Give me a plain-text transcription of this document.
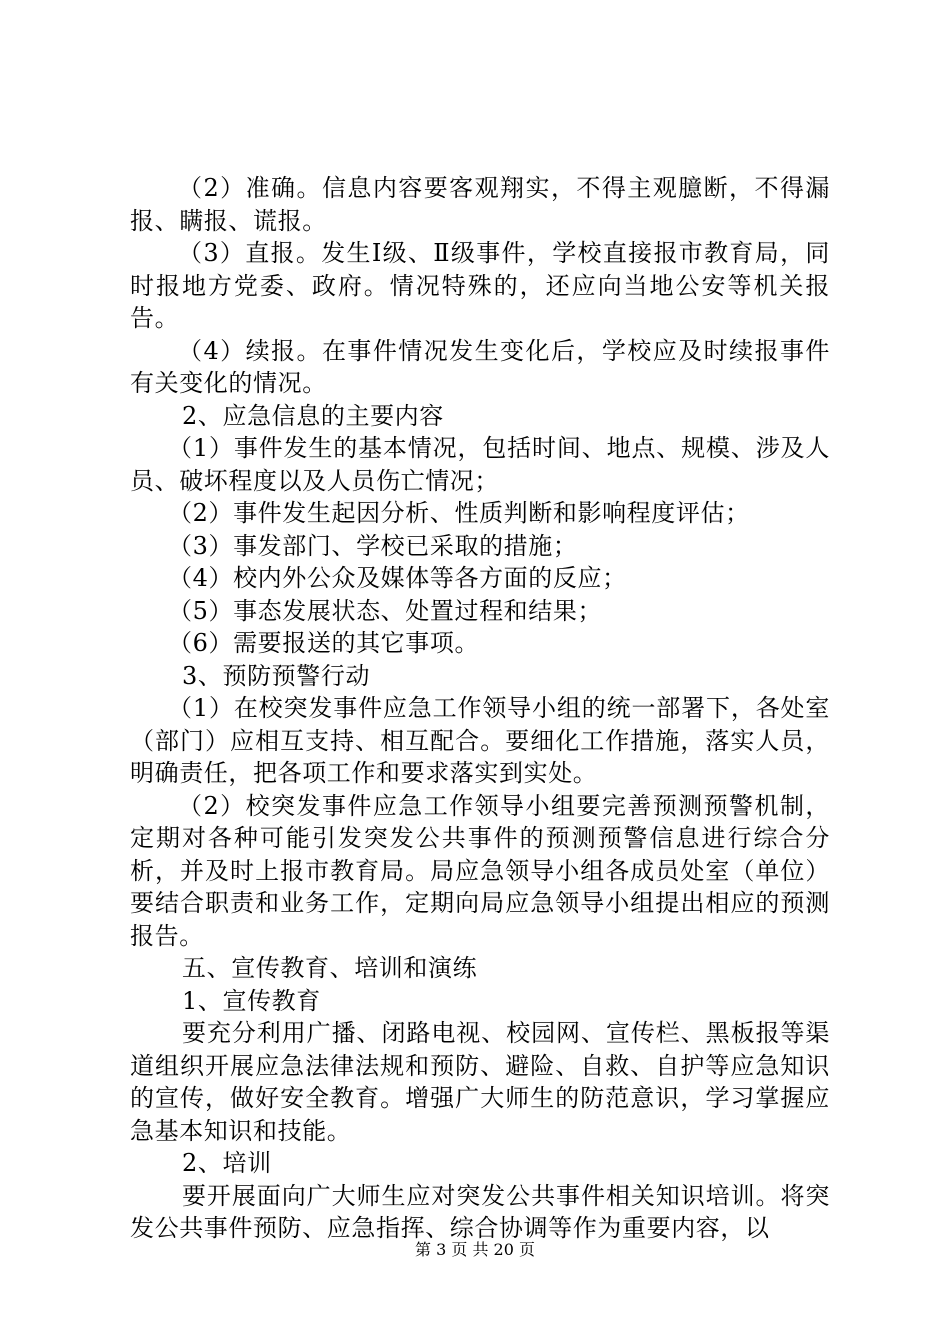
（2）准确。信息内容要客观翔实，不得主观臆断，不得漏报、瞒报、谎报。

（3）直报。发生Ⅰ级、Ⅱ级事件，学校直接报市教育局，同时报地方党委、政府。情况特殊的，还应向当地公安等机关报告。

（4）续报。在事件情况发生变化后，学校应及时续报事件有关变化的情况。

2、应急信息的主要内容

（1）事件发生的基本情况，包括时间、地点、规模、涉及人员、破坏程度以及人员伤亡情况；

（2）事件发生起因分析、性质判断和影响程度评估；

（3）事发部门、学校已采取的措施；

（4）校内外公众及媒体等各方面的反应；

（5）事态发展状态、处置过程和结果；

（6）需要报送的其它事项。

3、预防预警行动

（1）在校突发事件应急工作领导小组的统一部署下，各处室（部门）应相互支持、相互配合。要细化工作措施，落实人员，明确责任，把各项工作和要求落实到实处。

（2）校突发事件应急工作领导小组要完善预测预警机制，定期对各种可能引发突发公共事件的预测预警信息进行综合分析，并及时上报市教育局。局应急领导小组各成员处室（单位）要结合职责和业务工作，定期向局应急领导小组提出相应的预测报告。

五、宣传教育、培训和演练

1、宣传教育

要充分利用广播、闭路电视、校园网、宣传栏、黑板报等渠道组织开展应急法律法规和预防、避险、自救、自护等应急知识的宣传，做好安全教育。增强广大师生的防范意识，学习掌握应急基本知识和技能。

2、培训

要开展面向广大师生应对突发公共事件相关知识培训。将突发公共事件预防、应急指挥、综合协调等作为重要内容，以

第 3 页 共 20 页
